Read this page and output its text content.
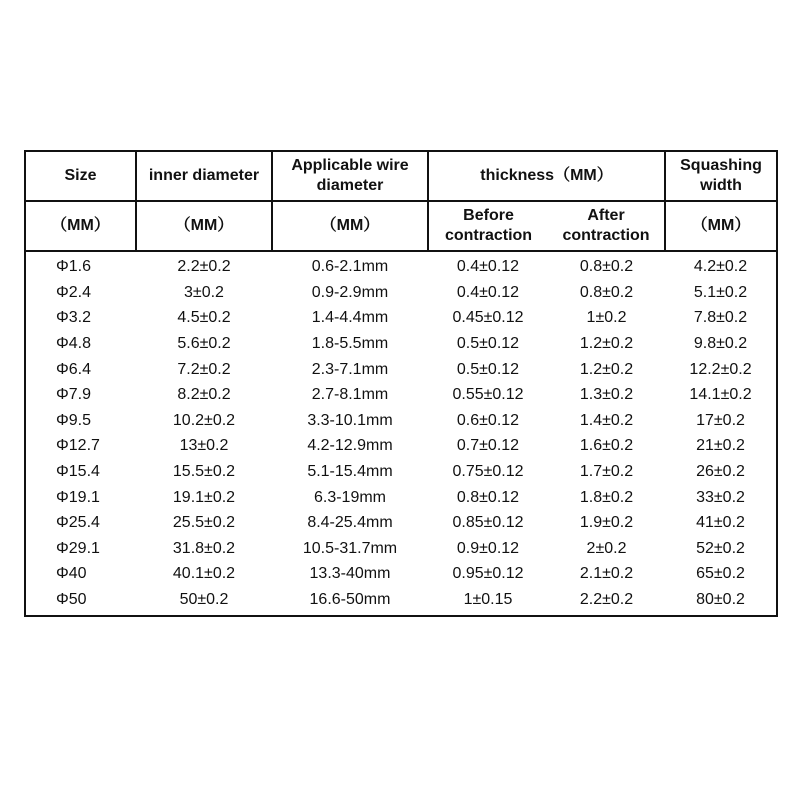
Size	inner diameter	Applicable wire diameter	thickness（MM）		Squashing width
（MM）	（MM）	（MM）	Before contraction	After contraction	（MM）
Φ1.6	2.2±0.2	0.6-2.1mm	0.4±0.12	0.8±0.2	4.2±0.2
Φ2.4	3±0.2	0.9-2.9mm	0.4±0.12	0.8±0.2	5.1±0.2
Φ3.2	4.5±0.2	1.4-4.4mm	0.45±0.12	1±0.2	7.8±0.2
Φ4.8	5.6±0.2	1.8-5.5mm	0.5±0.12	1.2±0.2	9.8±0.2
Φ6.4	7.2±0.2	2.3-7.1mm	0.5±0.12	1.2±0.2	12.2±0.2
Φ7.9	8.2±0.2	2.7-8.1mm	0.55±0.12	1.3±0.2	14.1±0.2
Φ9.5	10.2±0.2	3.3-10.1mm	0.6±0.12	1.4±0.2	17±0.2
Φ12.7	13±0.2	4.2-12.9mm	0.7±0.12	1.6±0.2	21±0.2
Φ15.4	15.5±0.2	5.1-15.4mm	0.75±0.12	1.7±0.2	26±0.2
Φ19.1	19.1±0.2	6.3-19mm	0.8±0.12	1.8±0.2	33±0.2
Φ25.4	25.5±0.2	8.4-25.4mm	0.85±0.12	1.9±0.2	41±0.2
Φ29.1	31.8±0.2	10.5-31.7mm	0.9±0.12	2±0.2	52±0.2
Φ40	40.1±0.2	13.3-40mm	0.95±0.12	2.1±0.2	65±0.2
Φ50	50±0.2	16.6-50mm	1±0.15	2.2±0.2	80±0.2
